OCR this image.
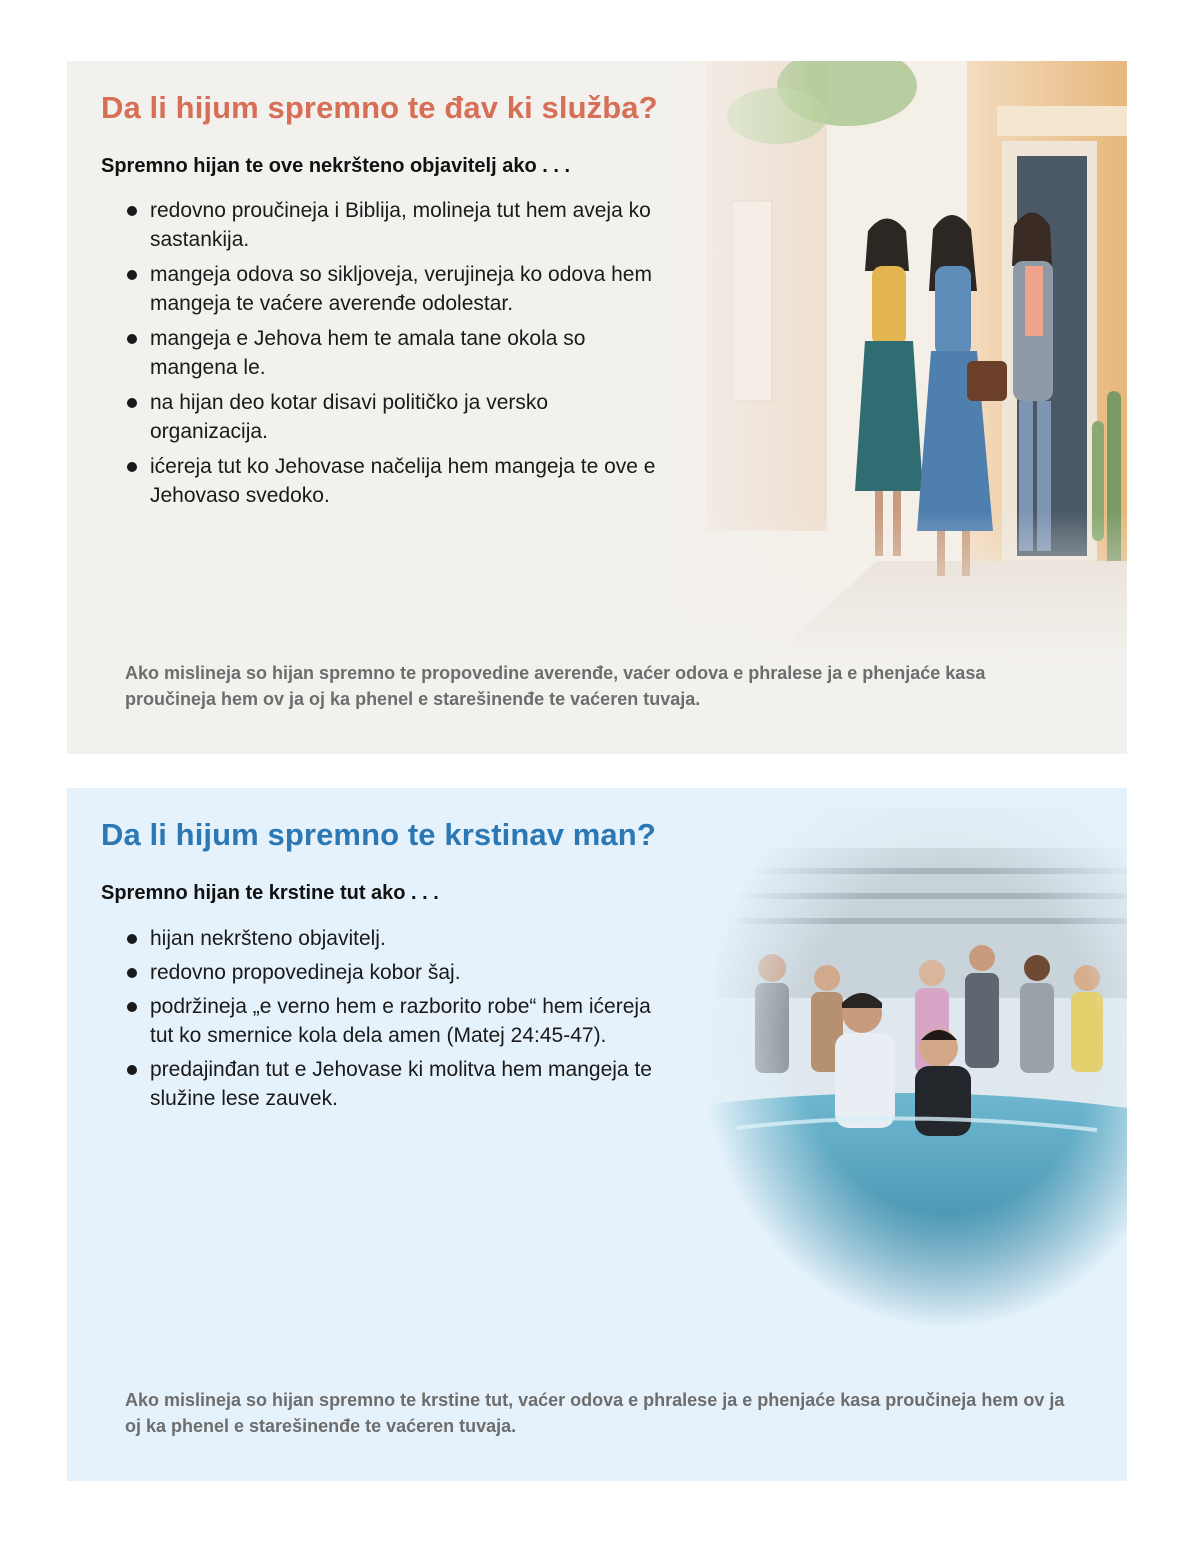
Da li hijum spremno te đav ki služba?

Spremno hijan te ove nekršteno objavitelj ako . . .

redovno proučineja i Biblija, molineja tut hem aveja ko sastankija.
mangeja odova so sikljoveja, verujineja ko odova hem mangeja te vaćere averenđe odolestar.
mangeja e Jehova hem te amala tane okola so mangena le.
na hijan deo kotar disavi političko ja versko organizacija.
ićereja tut ko Jehovase načelija hem mangeja te ove e Jehovaso svedoko.

Ako mislineja so hijan spremno te propovedine averenđe, vaćer odova e phralese ja e phenjaće kasa proučineja hem ov ja oj ka phenel e starešinenđe te vaćeren tuvaja.

Da li hijum spremno te krstinav man?

Spremno hijan te krstine tut ako . . .

hijan nekršteno objavitelj.
redovno propovedineja kobor šaj.
podržineja „e verno hem e razborito robe“ hem ićereja tut ko smernice kola dela amen (Matej 24:45-47).
predajinđan tut e Jehovase ki molitva hem mangeja te služine lese zauvek.

Ako mislineja so hijan spremno te krstine tut, vaćer odova e phralese ja e phenjaće kasa proučineja hem ov ja oj ka phenel e starešinenđe te vaćeren tuvaja.
